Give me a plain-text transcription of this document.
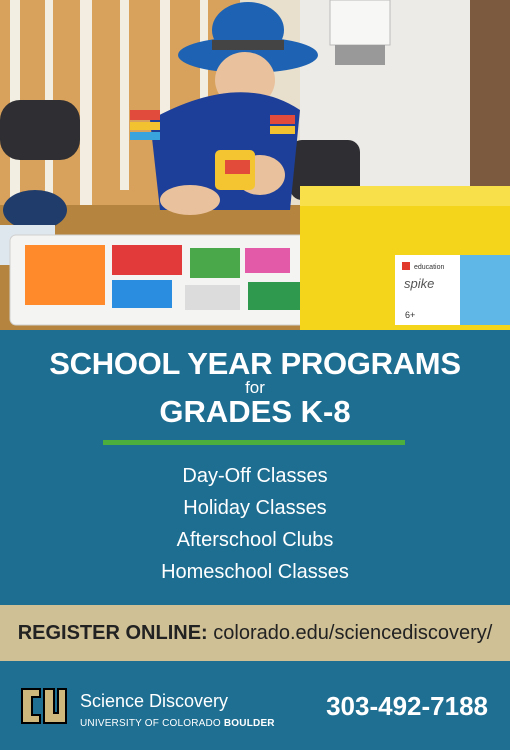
education
spike
6+
SCHOOL YEAR PROGRAMS
for
GRADES K-8
Day-Off Classes
Holiday Classes
Afterschool Clubs
Homeschool Classes
REGISTER ONLINE: colorado.edu/sciencediscovery/
Science Discovery
UNIVERSITY OF COLORADO BOULDER
303-492-7188
